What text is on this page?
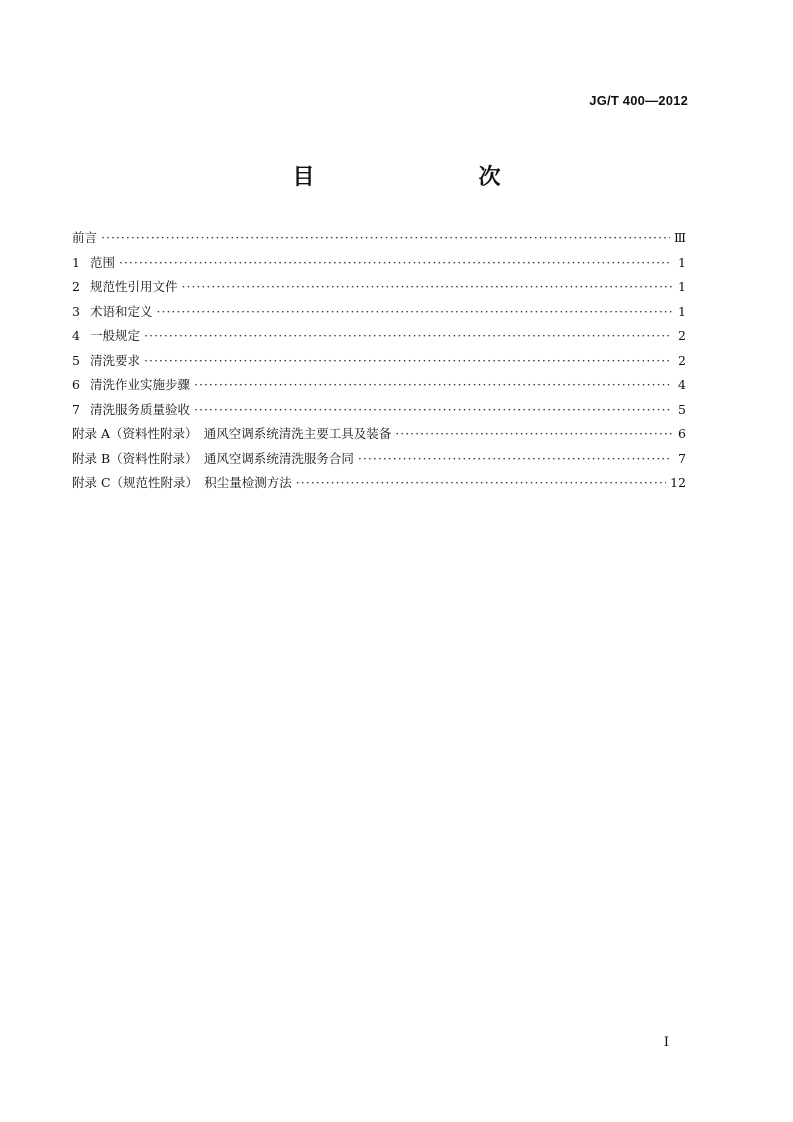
JG/T 400—2012
目　　次
前言 ·····	Ⅲ
1 范围 ·····	1
2 规范性引用文件 ·····	1
3 术语和定义 ·····	1
4 一般规定 ·····	2
5 清洗要求 ·····	2
6 清洗作业实施步骤 ·····	4
7 清洗服务质量验收 ·····	5
附录 A（资料性附录）　通风空调系统清洗主要工具及装备 ·····	6
附录 B（资料性附录）　通风空调系统清洗服务合同 ·····	7
附录 C（规范性附录）　积尘量检测方法 ·····	12
I
